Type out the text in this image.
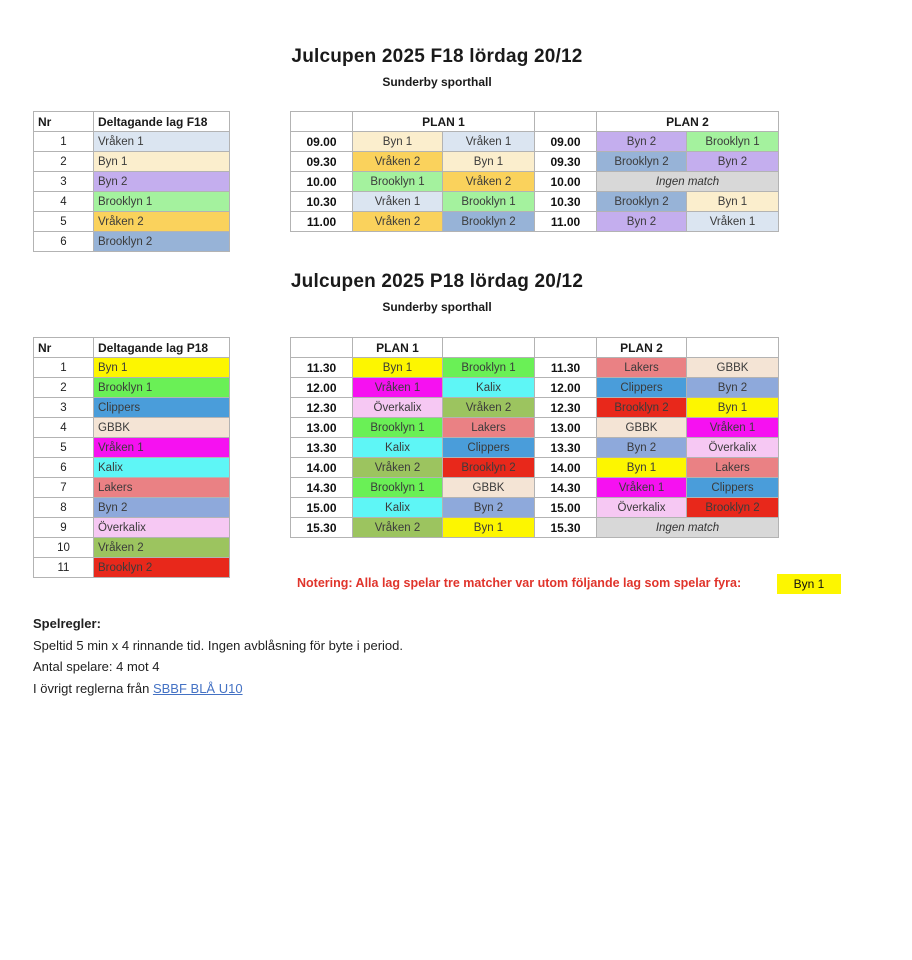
Julcupen 2025 F18 lördag 20/12
Sunderby sporthall
Nr	Deltagande lag F18
1	Vråken 1
2	Byn 1
3	Byn 2
4	Brooklyn 1
5	Vråken 2
6	Brooklyn 2
	PLAN 1			PLAN 2	
09.00	Byn 1	Vråken 1	09.00	Byn 2	Brooklyn 1
09.30	Vråken 2	Byn 1	09.30	Brooklyn 2	Byn 2
10.00	Brooklyn 1	Vråken 2	10.00	Ingen match	
10.30	Vråken 1	Brooklyn 1	10.30	Brooklyn 2	Byn 1
11.00	Vråken 2	Brooklyn 2	11.00	Byn 2	Vråken 1
Julcupen 2025 P18 lördag 20/12
Sunderby sporthall
Nr	Deltagande lag P18
1	Byn 1
2	Brooklyn 1
3	Clippers
4	GBBK
5	Vråken 1
6	Kalix
7	Lakers
8	Byn 2
9	Överkalix
10	Vråken 2
11	Brooklyn 2
	PLAN 1			PLAN 2	
11.30	Byn 1	Brooklyn 1	11.30	Lakers	GBBK
12.00	Vråken 1	Kalix	12.00	Clippers	Byn 2
12.30	Överkalix	Vråken 2	12.30	Brooklyn 2	Byn 1
13.00	Brooklyn 1	Lakers	13.00	GBBK	Vråken 1
13.30	Kalix	Clippers	13.30	Byn 2	Överkalix
14.00	Vråken 2	Brooklyn 2	14.00	Byn 1	Lakers
14.30	Brooklyn 1	GBBK	14.30	Vråken 1	Clippers
15.00	Kalix	Byn 2	15.00	Överkalix	Brooklyn 2
15.30	Vråken 2	Byn 1	15.30	Ingen match	
Notering: Alla lag spelar tre matcher var utom följande lag som spelar fyra:	Byn 1
Spelregler:
Speltid 5 min x 4 rinnande tid. Ingen avblåsning för byte i period.
Antal spelare: 4 mot 4
I övrigt reglerna från SBBF BLÅ U10
